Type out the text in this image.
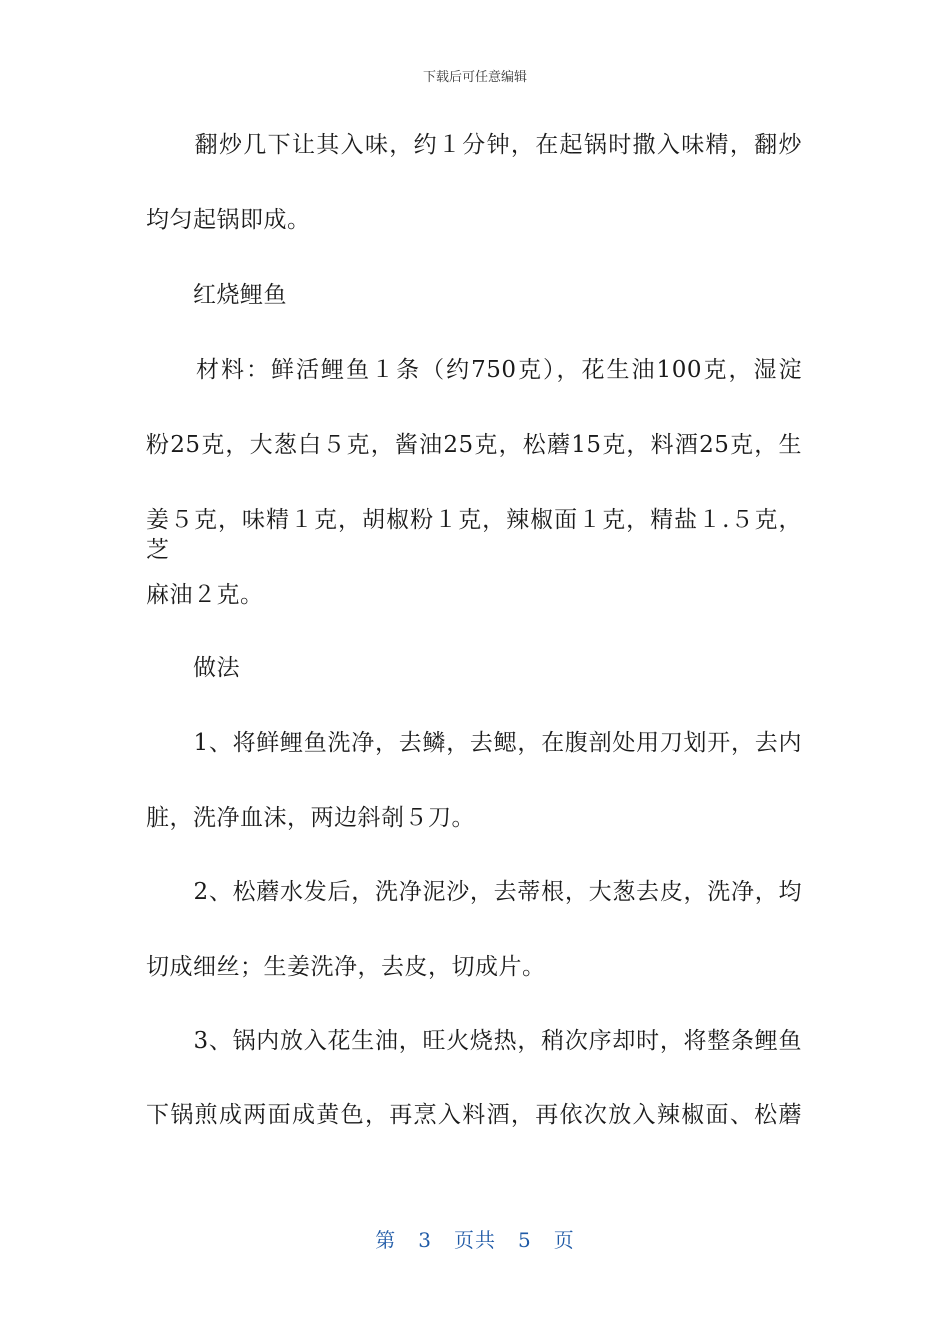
下载后可任意编辑
　　翻炒几下让其入味，约１分钟，在起锅时撒入味精，翻炒
均匀起锅即成。
　　红烧鲤鱼
　　材料：鲜活鲤鱼１条（约750克），花生油100克，湿淀
粉25克，大葱白５克，酱油25克，松蘑15克，料酒25克，生
姜５克，味精１克，胡椒粉１克，辣椒面１克，精盐１.５克，芝
麻油２克。
　　做法
　　1、将鲜鲤鱼洗净，去鳞，去鳃，在腹剖处用刀划开，去内
脏，洗净血沫，两边斜剞５刀。
　　2、松蘑水发后，洗净泥沙，去蒂根，大葱去皮，洗净，均
切成细丝；生姜洗净，去皮，切成片。
　　3、锅内放入花生油，旺火烧热，稍次序却时，将整条鲤鱼
下锅煎成两面成黄色，再烹入料酒，再依次放入辣椒面、松蘑
第 3 页共 5 页
